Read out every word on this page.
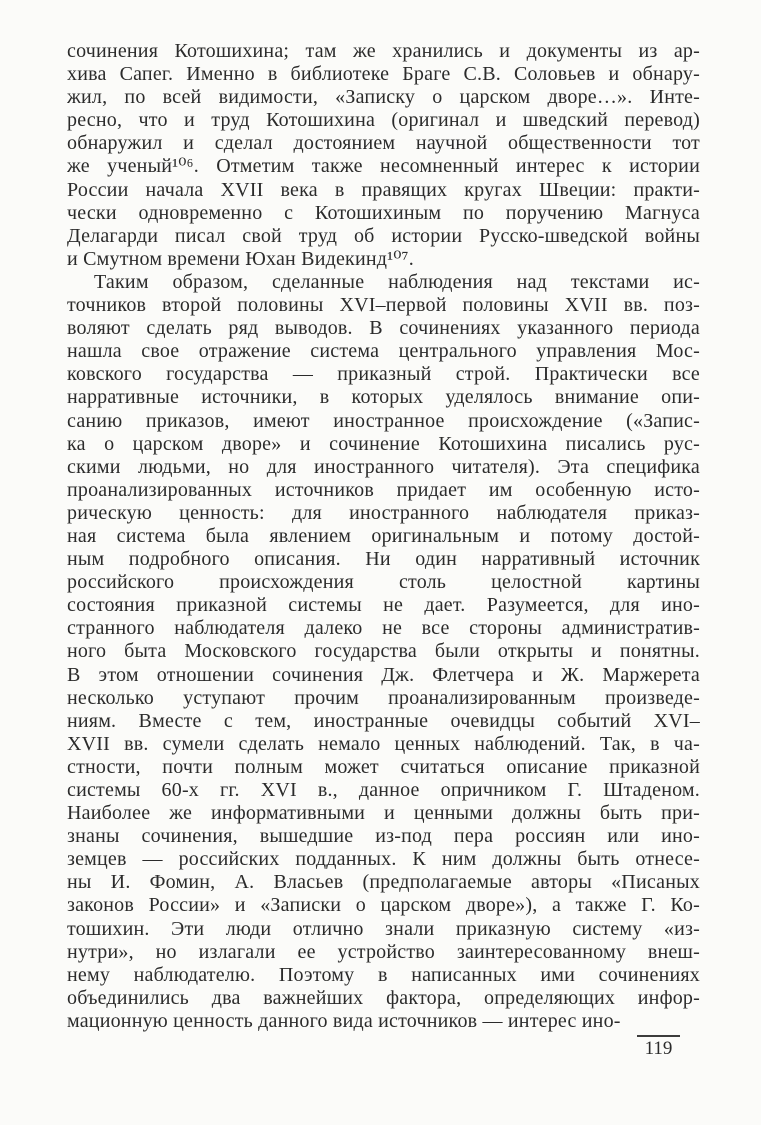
сочинения Котошихина; там же хранились и документы из ар-
хива Сапег. Именно в библиотеке Браге С.В. Соловьев и обнару-
жил, по всей видимости, «Записку о царском дворе…». Инте-
ресно, что и труд Котошихина (оригинал и шведский перевод)
обнаружил и сделал достоянием научной общественности тот
же ученый¹⁰⁶. Отметим также несомненный интерес к истории
России начала XVII века в правящих кругах Швеции: практи-
чески одновременно с Котошихиным по поручению Магнуса
Делагарди писал свой труд об истории Русско-шведской войны
и Смутном времени Юхан Видекинд¹⁰⁷.
Таким образом, сделанные наблюдения над текстами ис-
точников второй половины XVI–первой половины XVII вв. поз-
воляют сделать ряд выводов. В сочинениях указанного периода
нашла свое отражение система центрального управления Мос-
ковского государства — приказный строй. Практически все
нарративные источники, в которых уделялось внимание опи-
санию приказов, имеют иностранное происхождение («Запис-
ка о царском дворе» и сочинение Котошихина писались рус-
скими людьми, но для иностранного читателя). Эта специфика
проанализированных источников придает им особенную исто-
рическую ценность: для иностранного наблюдателя приказ-
ная система была явлением оригинальным и потому достой-
ным подробного описания. Ни один нарративный источник
российского происхождения столь целостной картины
состояния приказной системы не дает. Разумеется, для ино-
странного наблюдателя далеко не все стороны административ-
ного быта Московского государства были открыты и понятны.
В этом отношении сочинения Дж. Флетчера и Ж. Маржерета
несколько уступают прочим проанализированным произведе-
ниям. Вместе с тем, иностранные очевидцы событий XVI–
XVII вв. сумели сделать немало ценных наблюдений. Так, в ча-
стности, почти полным может считаться описание приказной
системы 60-х гг. XVI в., данное опричником Г. Штаденом.
Наиболее же информативными и ценными должны быть при-
знаны сочинения, вышедшие из-под пера россиян или ино-
земцев — российских подданных. К ним должны быть отнесе-
ны И. Фомин, А. Власьев (предполагаемые авторы «Писаных
законов России» и «Записки о царском дворе»), а также Г. Ко-
тошихин. Эти люди отлично знали приказную систему «из-
нутри», но излагали ее устройство заинтересованному внеш-
нему наблюдателю. Поэтому в написанных ими сочинениях
объединились два важнейших фактора, определяющих инфор-
мационную ценность данного вида источников — интерес ино-
119
